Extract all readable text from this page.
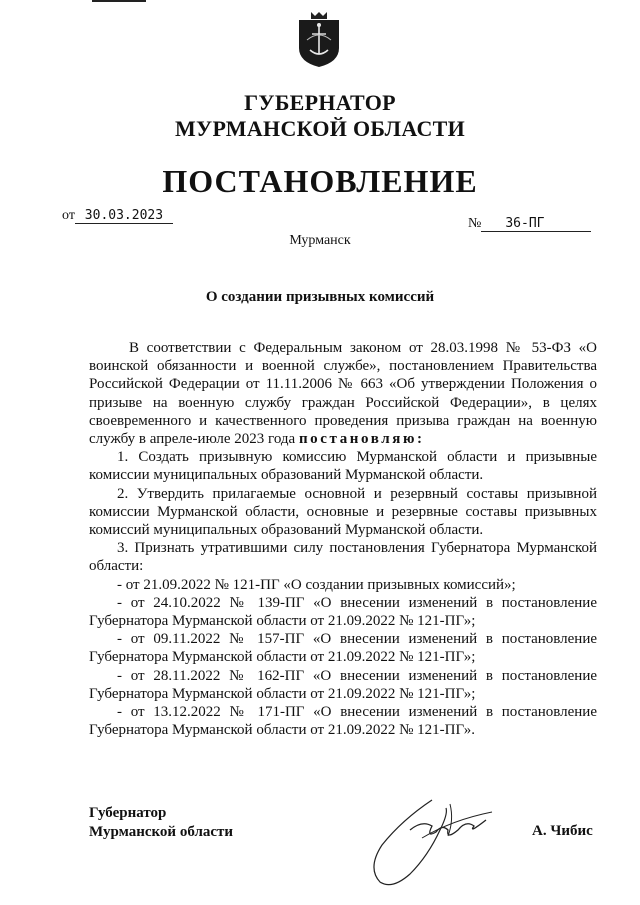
ГУБЕРНАТОР
МУРМАНСКОЙ ОБЛАСТИ
ПОСТАНОВЛЕНИЕ
от 30.03.2023
№ 36-ПГ
Мурманск
О создании призывных комиссий

В соответствии с Федеральным законом от 28.03.1998 № 53-ФЗ «О воинской обязанности и военной службе», постановлением Правительства Российской Федерации от 11.11.2006 № 663 «Об утверждении Положения о призыве на военную службу граждан Российской Федерации», в целях своевременного и качественного проведения призыва граждан на военную службу в апреле-июле 2023 года постановляю:

1. Создать призывную комиссию Мурманской области и призывные комиссии муниципальных образований Мурманской области.

2. Утвердить прилагаемые основной и резервный составы призывной комиссии Мурманской области, основные и резервные составы призывных комиссий муниципальных образований Мурманской области.

3. Признать утратившими силу постановления Губернатора Мурманской области:

- от 21.09.2022 № 121-ПГ «О создании призывных комиссий»;

- от 24.10.2022 № 139-ПГ «О внесении изменений в постановление Губернатора Мурманской области от 21.09.2022 № 121-ПГ»;

- от 09.11.2022 № 157-ПГ «О внесении изменений в постановление Губернатора Мурманской области от 21.09.2022 № 121-ПГ»;

- от 28.11.2022 № 162-ПГ «О внесении изменений в постановление Губернатора Мурманской области от 21.09.2022 № 121-ПГ»;

- от 13.12.2022 № 171-ПГ «О внесении изменений в постановление Губернатора Мурманской области от 21.09.2022 № 121-ПГ».

Губернатор
Мурманской области	А. Чибис
